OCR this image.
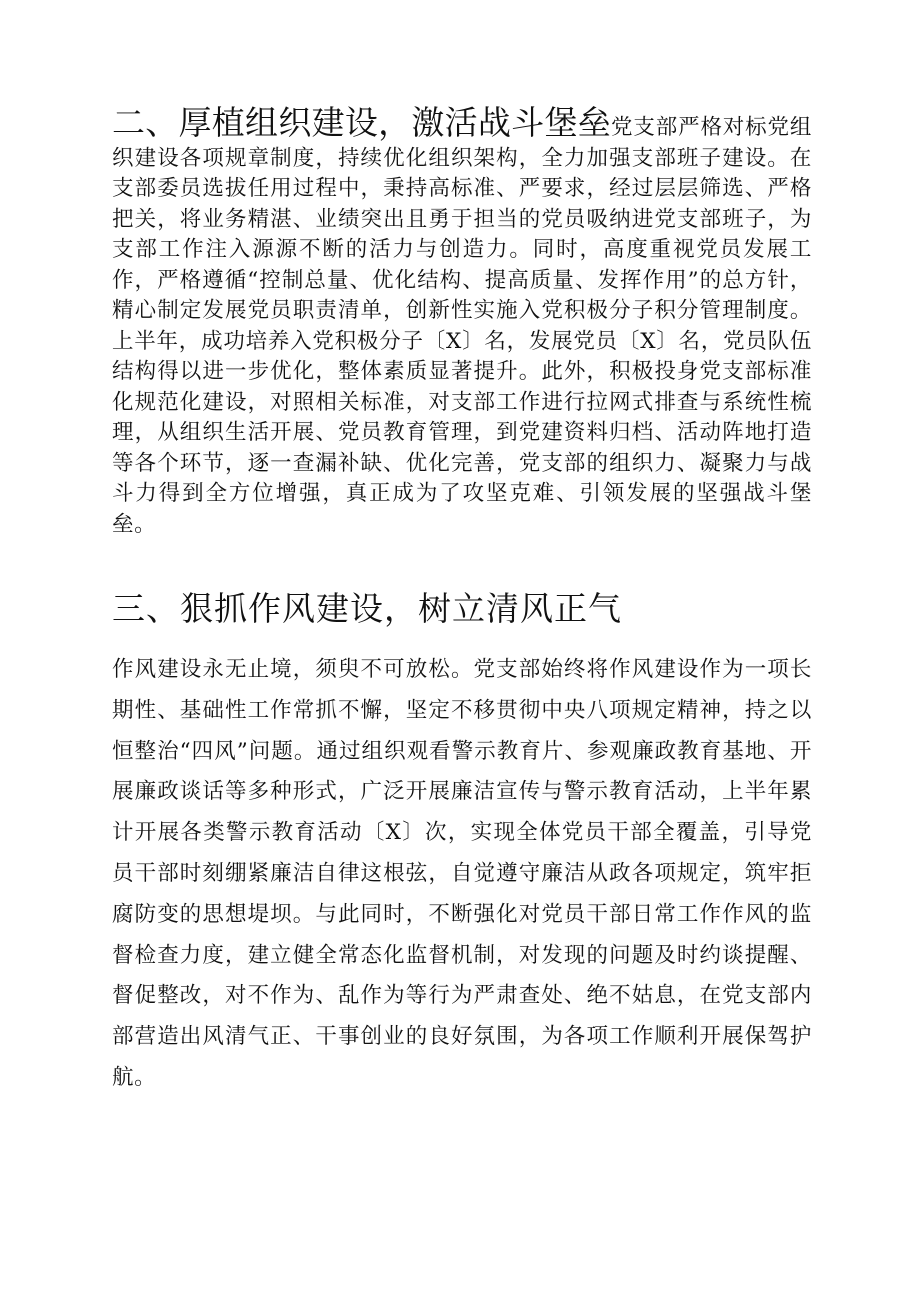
二、厚植组织建设，激活战斗堡垒党支部严格对标党组织建设各项规章制度，持续优化组织架构，全力加强支部班子建设。在支部委员选拔任用过程中，秉持高标准、严要求，经过层层筛选、严格把关，将业务精湛、业绩突出且勇于担当的党员吸纳进党支部班子，为支部工作注入源源不断的活力与创造力。同时，高度重视党员发展工作，严格遵循“控制总量、优化结构、提高质量、发挥作用”的总方针，精心制定发展党员职责清单，创新性实施入党积极分子积分管理制度。上半年，成功培养入党积极分子〔X〕名，发展党员〔X〕名，党员队伍结构得以进一步优化，整体素质显著提升。此外，积极投身党支部标准化规范化建设，对照相关标准，对支部工作进行拉网式排查与系统性梳理，从组织生活开展、党员教育管理，到党建资料归档、活动阵地打造等各个环节，逐一查漏补缺、优化完善，党支部的组织力、凝聚力与战斗力得到全方位增强，真正成为了攻坚克难、引领发展的坚强战斗堡垒。

三、狠抓作风建设，树立清风正气

作风建设永无止境，须臾不可放松。党支部始终将作风建设作为一项长期性、基础性工作常抓不懈，坚定不移贯彻中央八项规定精神，持之以恒整治“四风”问题。通过组织观看警示教育片、参观廉政教育基地、开展廉政谈话等多种形式，广泛开展廉洁宣传与警示教育活动，上半年累计开展各类警示教育活动〔X〕次，实现全体党员干部全覆盖，引导党员干部时刻绷紧廉洁自律这根弦，自觉遵守廉洁从政各项规定，筑牢拒腐防变的思想堤坝。与此同时，不断强化对党员干部日常工作作风的监督检查力度，建立健全常态化监督机制，对发现的问题及时约谈提醒、督促整改，对不作为、乱作为等行为严肃查处、绝不姑息，在党支部内部营造出风清气正、干事创业的良好氛围，为各项工作顺利开展保驾护航。
